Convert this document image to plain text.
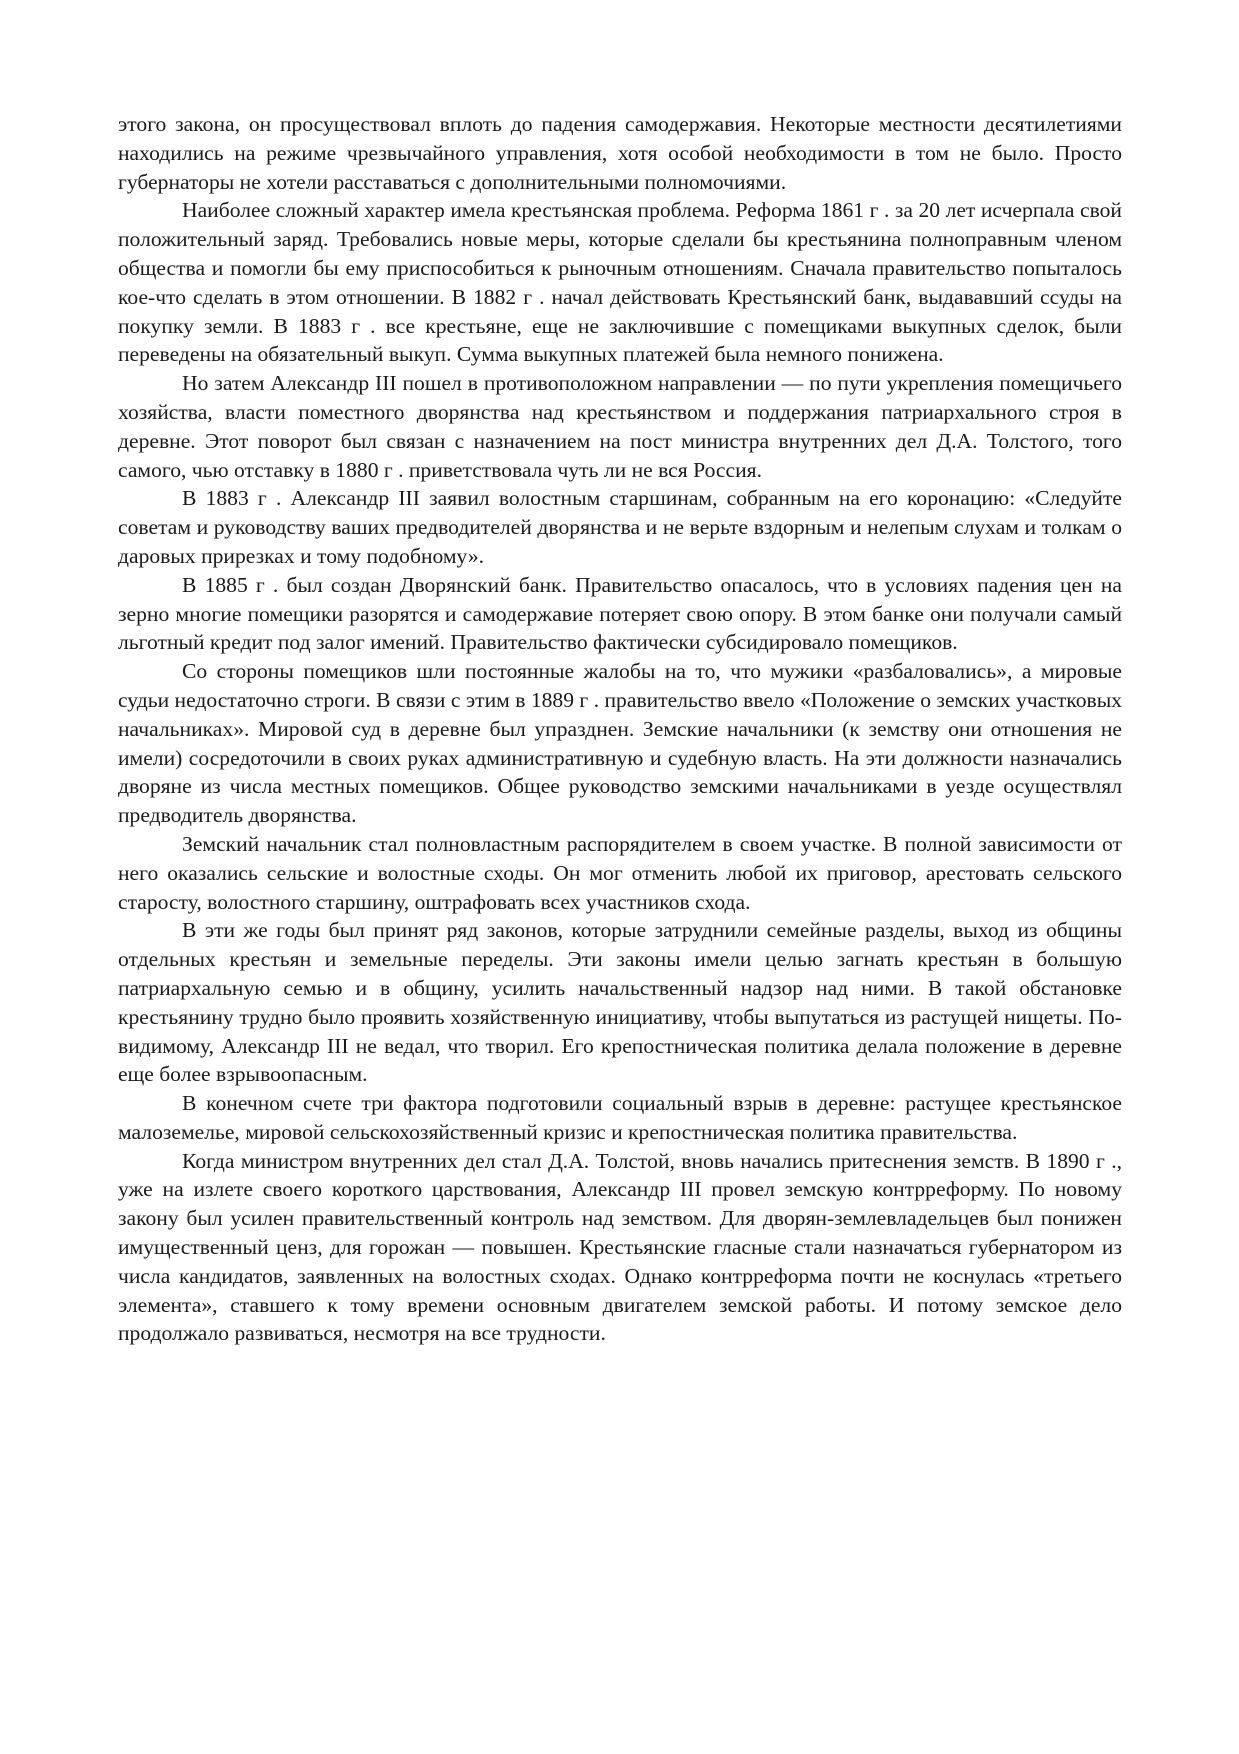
этого закона, он просуществовал вплоть до падения самодержавия. Некоторые местности десятилетиями находились на режиме чрезвычайного управления, хотя особой необходимости в том не было. Просто губернаторы не хотели расставаться с дополнительными полномочиями.

Наиболее сложный характер имела крестьянская проблема. Реформа 1861 г . за 20 лет исчерпала свой положительный заряд. Требовались новые меры, которые сделали бы крестьянина полноправным членом общества и помогли бы ему приспособиться к рыночным отношениям. Сначала правительство попыталось кое-что сделать в этом отношении. В 1882 г . начал действовать Крестьянский банк, выдававший ссуды на покупку земли. В 1883 г . все крестьяне, еще не заключившие с помещиками выкупных сделок, были переведены на обязательный выкуп. Сумма выкупных платежей была немного понижена.

Но затем Александр III пошел в противоположном направлении — по пути укрепления помещичьего хозяйства, власти поместного дворянства над крестьянством и поддержания патриархального строя в деревне. Этот поворот был связан с назначением на пост министра внутренних дел Д.А. Толстого, того самого, чью отставку в 1880 г . приветствовала чуть ли не вся Россия.

В 1883 г . Александр III заявил волостным старшинам, собранным на его коронацию: «Следуйте советам и руководству ваших предводителей дворянства и не верьте вздорным и нелепым слухам и толкам о даровых прирезках и тому подобному».

В 1885 г . был создан Дворянский банк. Правительство опасалось, что в условиях падения цен на зерно многие помещики разорятся и самодержавие потеряет свою опору. В этом банке они получали самый льготный кредит под залог имений. Правительство фактически субсидировало помещиков.

Со стороны помещиков шли постоянные жалобы на то, что мужики «разбаловались», а мировые судьи недостаточно строги. В связи с этим в 1889 г . правительство ввело «Положение о земских участковых начальниках». Мировой суд в деревне был упразднен. Земские начальники (к земству они отношения не имели) сосредоточили в своих руках административную и судебную власть. На эти должности назначались дворяне из числа местных помещиков. Общее руководство земскими начальниками в уезде осуществлял предводитель дворянства.

Земский начальник стал полновластным распорядителем в своем участке. В полной зависимости от него оказались сельские и волостные сходы. Он мог отменить любой их приговор, арестовать сельского старосту, волостного старшину, оштрафовать всех участников схода.

В эти же годы был принят ряд законов, которые затруднили семейные разделы, выход из общины отдельных крестьян и земельные переделы. Эти законы имели целью загнать крестьян в большую патриархальную семью и в общину, усилить начальственный надзор над ними. В такой обстановке крестьянину трудно было проявить хозяйственную инициативу, чтобы выпутаться из растущей нищеты. По-видимому, Александр III не ведал, что творил. Его крепостническая политика делала положение в деревне еще более взрывоопасным.

В конечном счете три фактора подготовили социальный взрыв в деревне: растущее крестьянское малоземелье, мировой сельскохозяйственный кризис и крепостническая политика правительства.

Когда министром внутренних дел стал Д.А. Толстой, вновь начались притеснения земств. В 1890 г ., уже на излете своего короткого царствования, Александр III провел земскую контрреформу. По новому закону был усилен правительственный контроль над земством. Для дворян-землевладельцев был понижен имущественный ценз, для горожан — повышен. Крестьянские гласные стали назначаться губернатором из числа кандидатов, заявленных на волостных сходах. Однако контрреформа почти не коснулась «третьего элемента», ставшего к тому времени основным двигателем земской работы. И потому земское дело продолжало развиваться, несмотря на все трудности.
